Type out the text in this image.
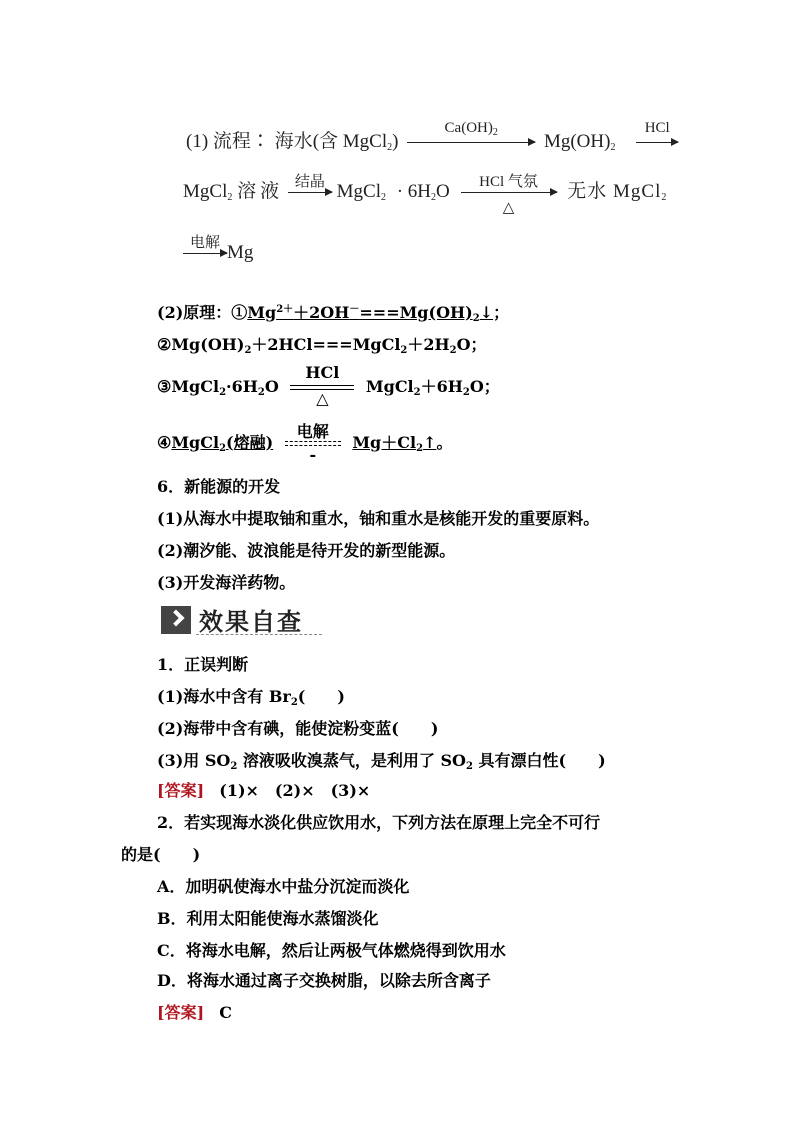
(1) 流程∶ 海水(含 MgCl$_2$)
$Ca(OH)_2$	$Mg(OH)_2$
HCl
MgCl$_2$ 溶液 结晶 MgCl$_2$ · $6H_2O$	HCl 气氛
△
无水 MgCl$_2$
电解 Mg
(2)原理：$①Mg^{2+}+2OH^-===Mg(OH)_2↓$；
$②Mg(OH)_2+2HCl===MgCl_2+2H_2O$；
$③MgCl_2\cdot 6H_2O$
HCl
△
$MgCl_2+6H_2O$；
④MgCl$_2$(熔融)
电解
-
$Mg+Cl_2↑$。
6．新能源的开发
(1)从海水中提取铀和重水，铀和重水是核能开发的重要原料。
(2)潮汐能、波浪能是待开发的新型能源。
(3)开发海洋药物。
效果自查
1．正误判断
(1)海水中含有 $Br_2$(　　)
(2)海带中含有碘，能使淀粉变蓝(　　)
(3)用 $SO_2$ 溶液吸收溴蒸气，是利用了 $SO_2$ 具有漂白性(　　)
[答案] (1)×　(2)×　(3)×
2．若实现海水淡化供应饮用水，下列方法在原理上完全不可行
的是(　　)
A．加明矾使海水中盐分沉淀而淡化
B．利用太阳能使海水蒸馏淡化
C．将海水电解，然后让两极气体燃烧得到饮用水
D．将海水通过离子交换树脂，以除去所含离子
[答案] C
